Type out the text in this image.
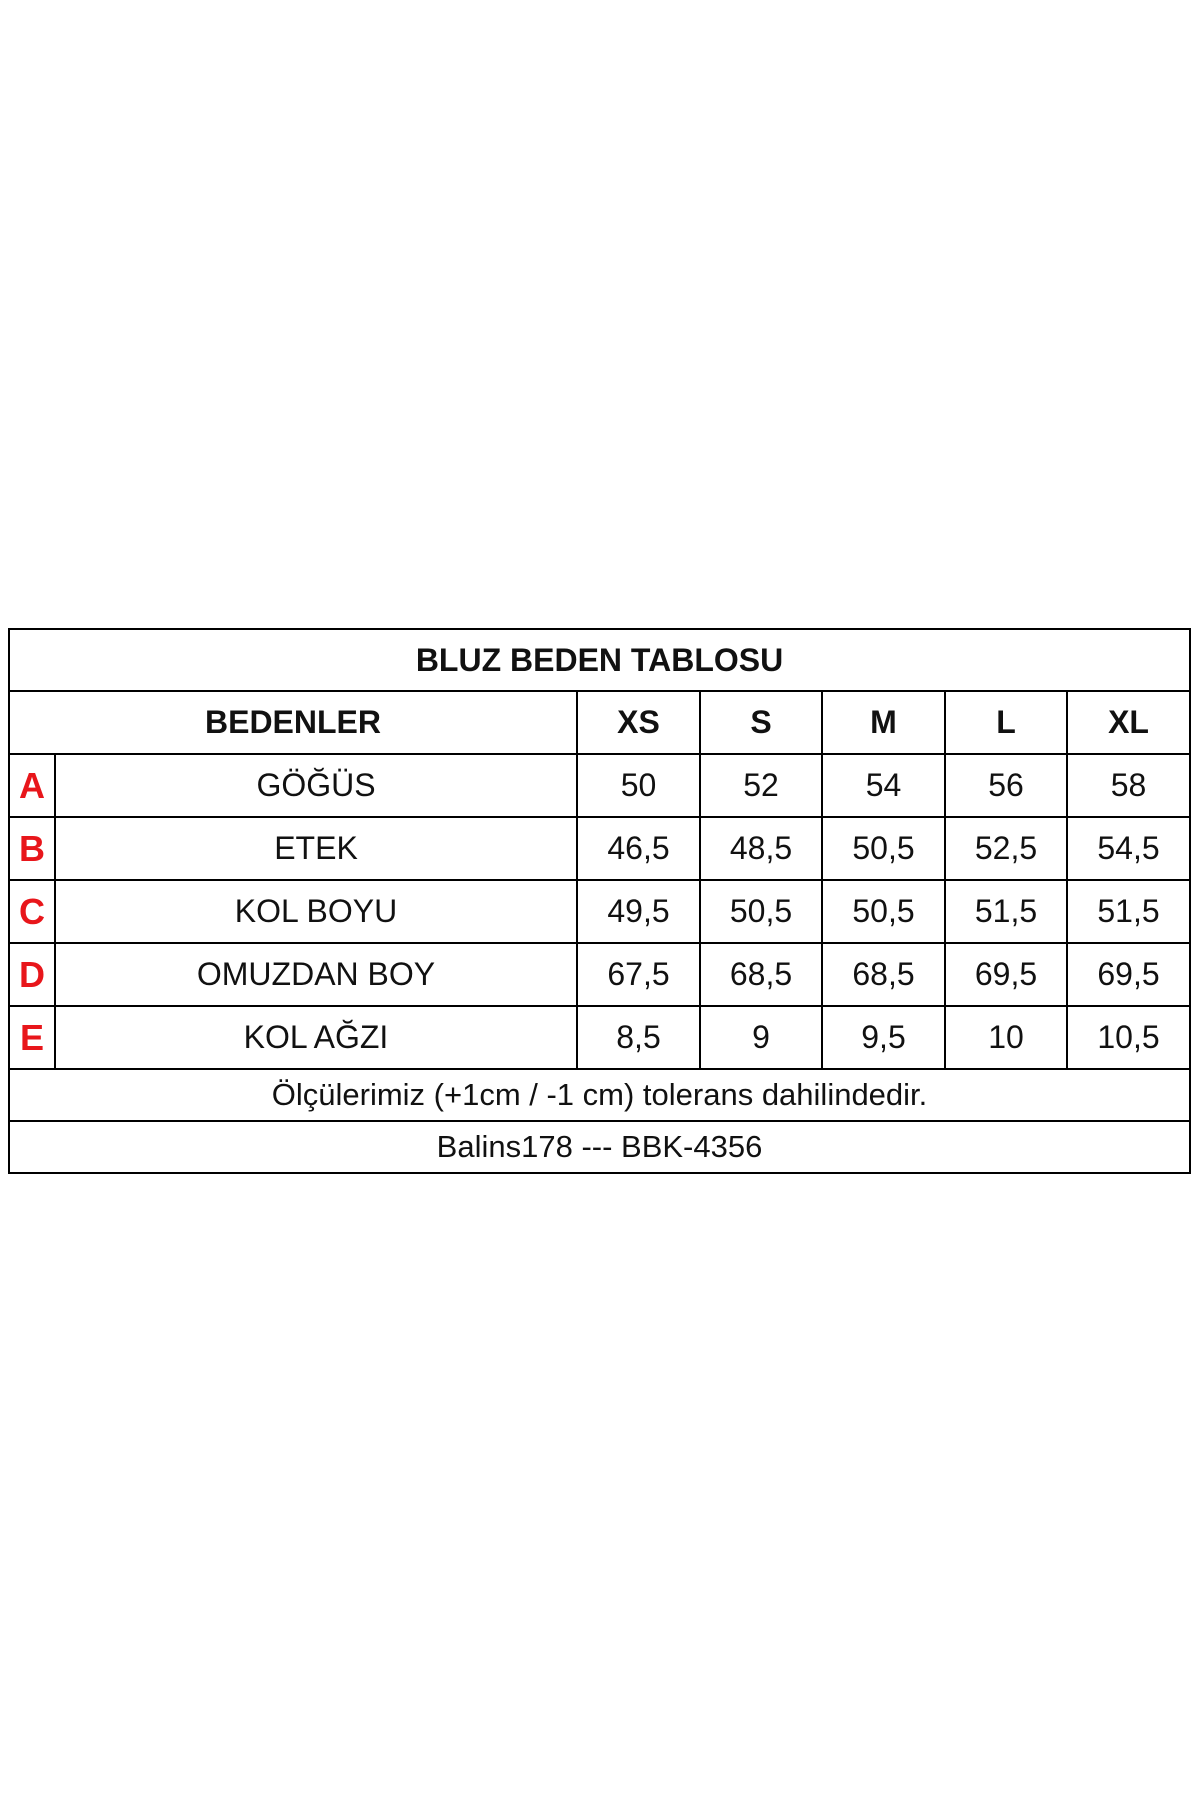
BLUZ BEDEN TABLOSU						
BEDENLER		XS	S	M	L	XL
A	GÖĞÜS	50	52	54	56	58
B	ETEK	46,5	48,5	50,5	52,5	54,5
C	KOL BOYU	49,5	50,5	50,5	51,5	51,5
D	OMUZDAN BOY	67,5	68,5	68,5	69,5	69,5
E	KOL AĞZI	8,5	9	9,5	10	10,5
Ölçülerimiz (+1cm / -1 cm) tolerans dahilindedir.						
Balins178 --- BBK-4356						
